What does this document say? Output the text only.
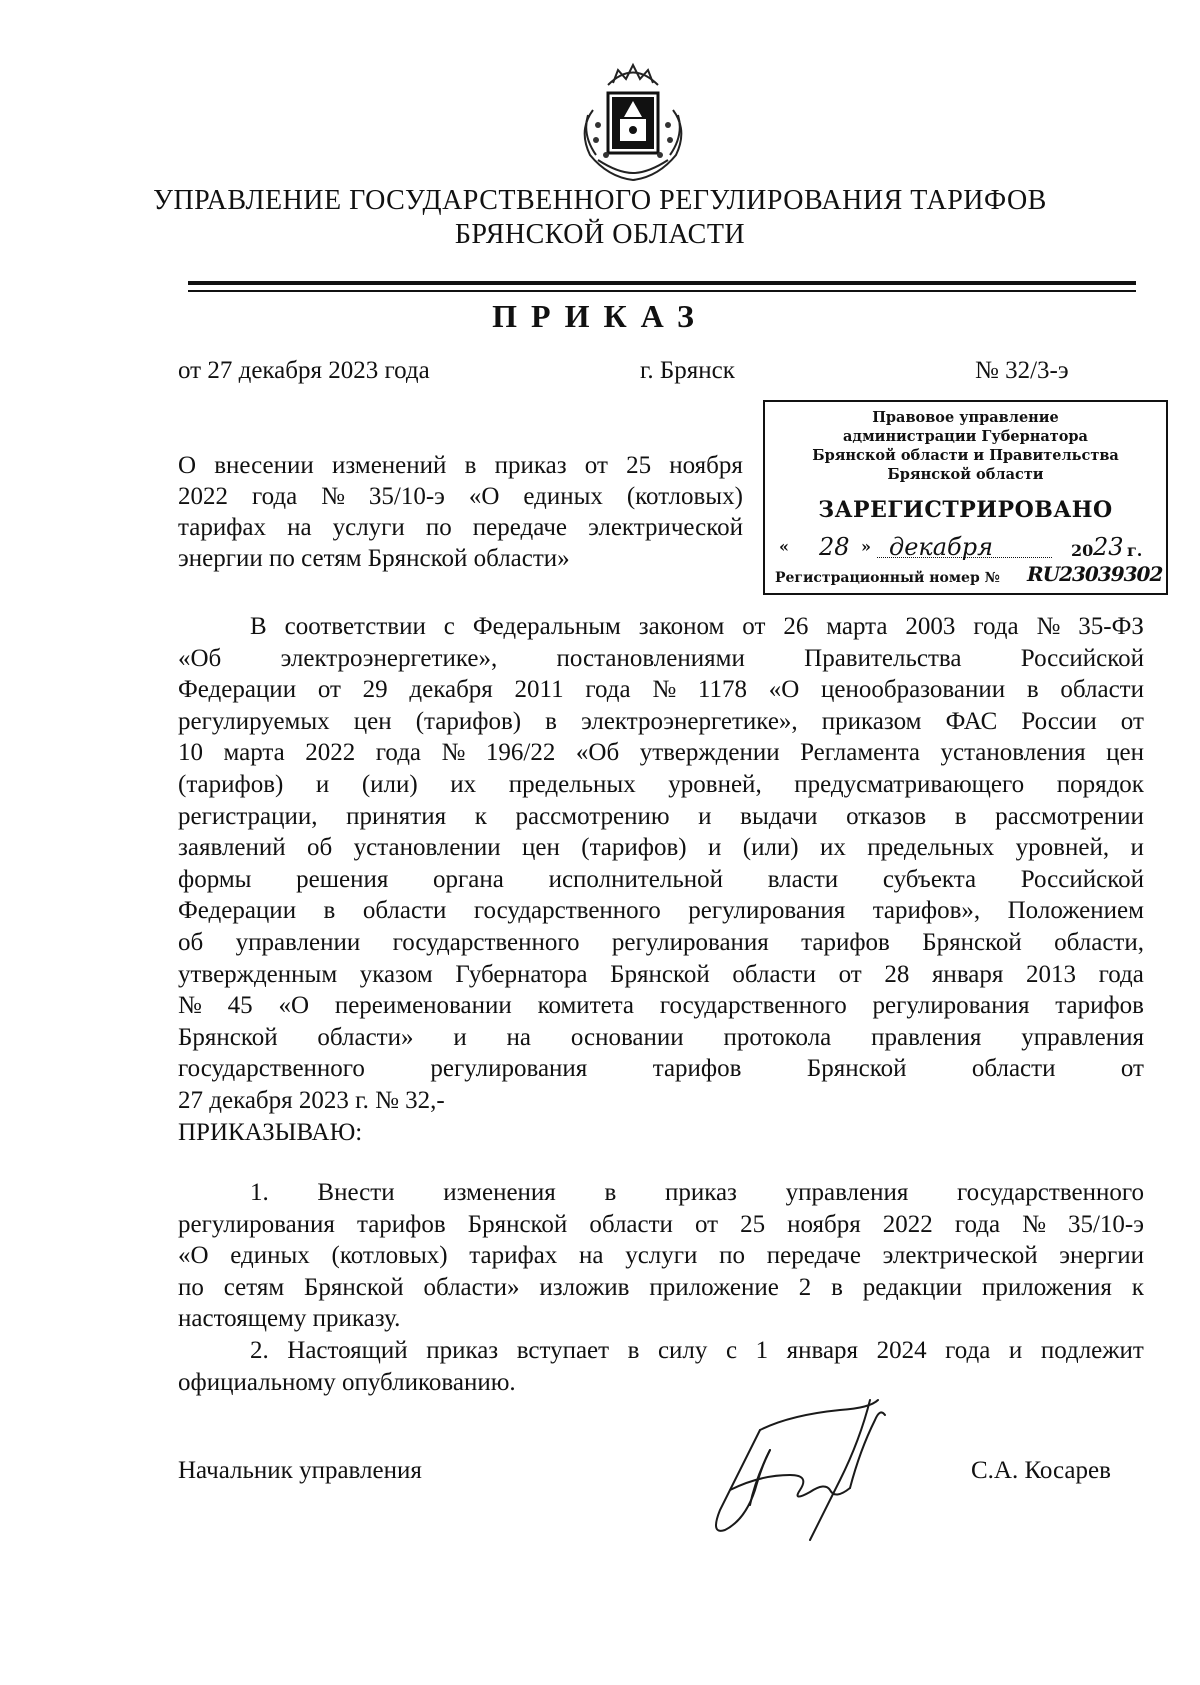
УПРАВЛЕНИЕ ГОСУДАРСТВЕННОГО РЕГУЛИРОВАНИЯ ТАРИФОВ
БРЯНСКОЙ ОБЛАСТИ
ПРИКАЗ
от 27 декабря 2023 года	г. Брянск	№ 32/3-э
Правовое управление
администрации Губернатора
Брянской области и Правительства
Брянской области
ЗАРЕГИСТРИРОВАНО
« 28 » декабря	20 23 г.
Регистрационный номер № RU23039302
О внесении изменений в приказ от 25 ноября
2022 года № 35/10-э «О единых (котловых)
тарифах на услуги по передаче электрической
энергии по сетям Брянской области»
В соответствии с Федеральным законом от 26 марта 2003 года № 35-ФЗ
«Об электроэнергетике», постановлениями Правительства Российской
Федерации от 29 декабря 2011 года № 1178 «О ценообразовании в области
регулируемых цен (тарифов) в электроэнергетике», приказом ФАС России от
10 марта 2022 года № 196/22 «Об утверждении Регламента установления цен
(тарифов) и (или) их предельных уровней, предусматривающего порядок
регистрации, принятия к рассмотрению и выдачи отказов в рассмотрении
заявлений об установлении цен (тарифов) и (или) их предельных уровней, и
формы решения органа исполнительной власти субъекта Российской
Федерации в области государственного регулирования тарифов», Положением
об управлении государственного регулирования тарифов Брянской области,
утвержденным указом Губернатора Брянской области от 28 января 2013 года
№ 45 «О переименовании комитета государственного регулирования тарифов
Брянской области» и на основании протокола правления управления
государственного	регулирования	тарифов	Брянской	области	от
27 декабря 2023 г. № 32,-
ПРИКАЗЫВАЮ:
1. Внести изменения в приказ управления государственного
регулирования тарифов Брянской области от 25 ноября 2022 года № 35/10-э
«О единых (котловых) тарифах на услуги по передаче электрической энергии
по сетям Брянской области» изложив приложение 2 в редакции приложения к
настоящему приказу.
2. Настоящий приказ вступает в силу с 1 января 2024 года и подлежит
официальному опубликованию.
Начальник управления	С.А. Косарев
